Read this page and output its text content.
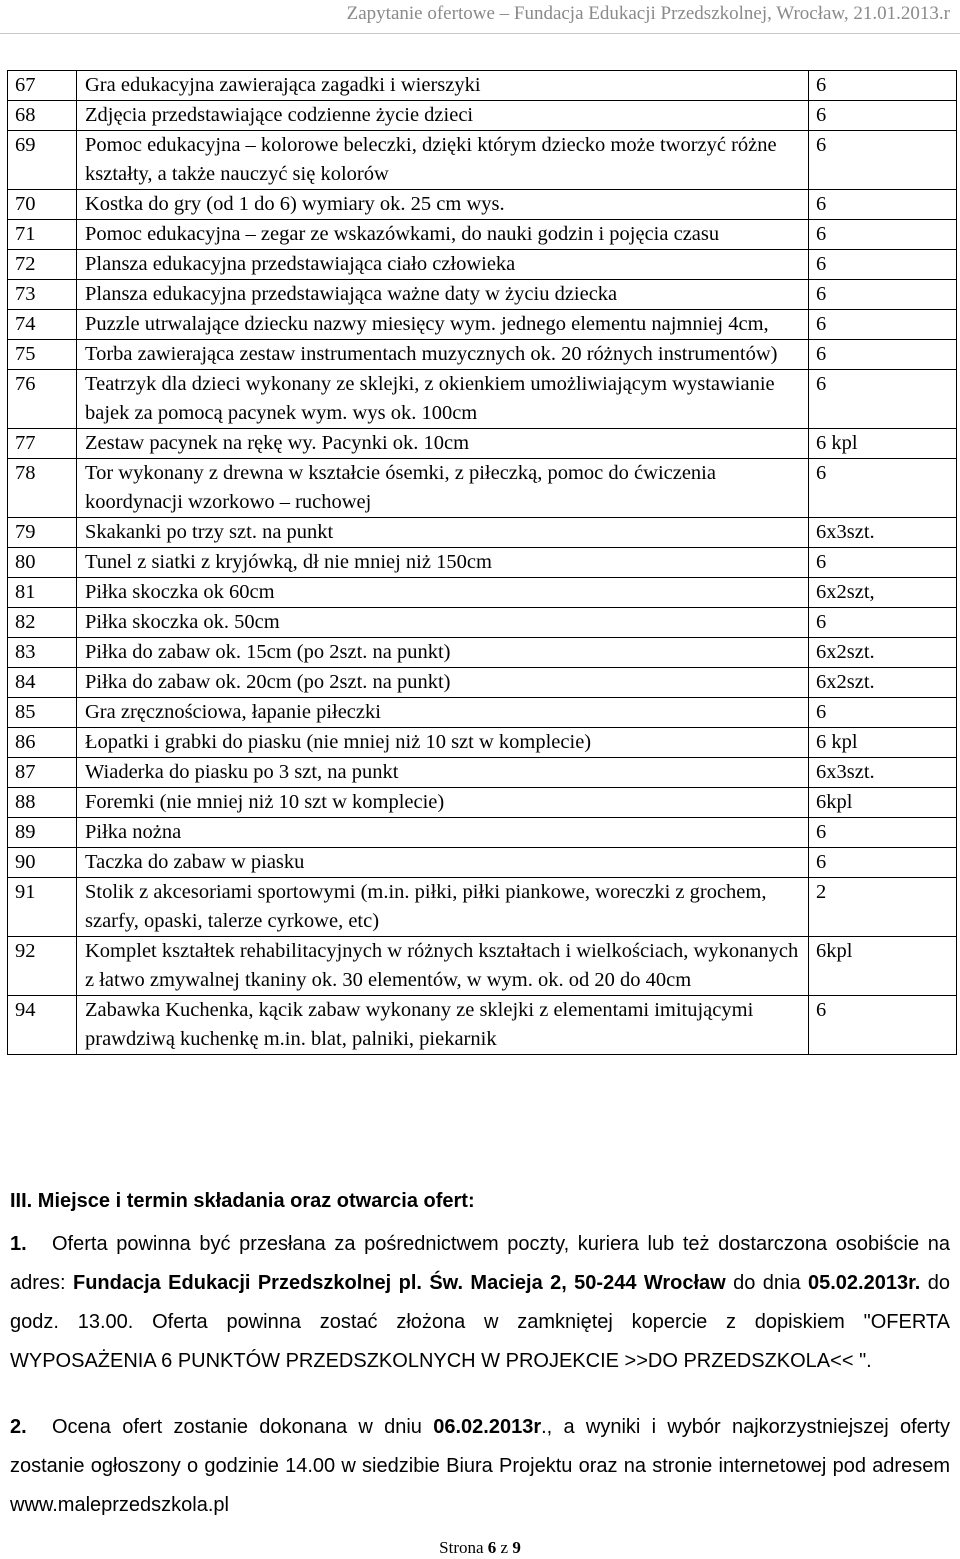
Zapytanie ofertowe – Fundacja Edukacji Przedszkolnej, Wrocław, 21.01.2013.r
67	Gra edukacyjna zawierająca zagadki i wierszyki	6
68	Zdjęcia przedstawiające codzienne życie dzieci	6
69	Pomoc edukacyjna – kolorowe beleczki, dzięki którym dziecko może tworzyć różne kształty, a także nauczyć się kolorów	6
70	Kostka do gry (od 1 do 6) wymiary ok. 25 cm wys.	6
71	Pomoc edukacyjna – zegar ze wskazówkami, do nauki godzin i pojęcia czasu	6
72	Plansza edukacyjna przedstawiająca ciało człowieka	6
73	Plansza edukacyjna przedstawiająca ważne daty w życiu dziecka	6
74	Puzzle utrwalające dziecku nazwy miesięcy wym. jednego elementu najmniej 4cm,	6
75	Torba zawierająca zestaw instrumentach muzycznych ok. 20 różnych instrumentów)	6
76	Teatrzyk dla dzieci wykonany ze sklejki, z okienkiem umożliwiającym wystawianie bajek za pomocą pacynek wym. wys ok. 100cm	6
77	Zestaw pacynek na rękę wy. Pacynki ok. 10cm	6 kpl
78	Tor wykonany z drewna w kształcie ósemki, z piłeczką, pomoc do ćwiczenia koordynacji wzorkowo – ruchowej	6
79	Skakanki po trzy szt. na punkt	6x3szt.
80	Tunel z siatki z kryjówką, dł nie mniej niż 150cm	6
81	Piłka skoczka ok 60cm	6x2szt,
82	Piłka skoczka ok. 50cm	6
83	Piłka do zabaw ok. 15cm (po 2szt. na punkt)	6x2szt.
84	Piłka do zabaw ok. 20cm (po 2szt. na punkt)	6x2szt.
85	Gra zręcznościowa, łapanie piłeczki	6
86	Łopatki i grabki do piasku (nie mniej niż 10 szt w komplecie)	6 kpl
87	Wiaderka do piasku po 3 szt, na punkt	6x3szt.
88	Foremki (nie mniej niż 10 szt w komplecie)	6kpl
89	Piłka nożna	6
90	Taczka do zabaw w piasku	6
91	Stolik z akcesoriami sportowymi (m.in. piłki, piłki piankowe, woreczki z grochem, szarfy, opaski, talerze cyrkowe, etc)	2
92	Komplet kształtek rehabilitacyjnych w różnych kształtach i wielkościach, wykonanych z łatwo zmywalnej tkaniny ok. 30 elementów, w wym. ok. od 20 do 40cm	6kpl
94	Zabawka Kuchenka, kącik zabaw wykonany ze sklejki z elementami imitującymi prawdziwą kuchenkę m.in. blat, palniki, piekarnik	6
III. Miejsce i termin składania oraz otwarcia ofert:
1. Oferta powinna być przesłana za pośrednictwem poczty, kuriera lub też dostarczona osobiście na adres: Fundacja Edukacji Przedszkolnej pl. Św. Macieja 2, 50-244 Wrocław do dnia 05.02.2013r. do godz. 13.00. Oferta powinna zostać złożona w zamkniętej kopercie z dopiskiem "OFERTA WYPOSAŻENIA 6 PUNKTÓW PRZEDSZKOLNYCH W PROJEKCIE >>DO PRZEDSZKOLA<< ".
2. Ocena ofert zostanie dokonana w dniu 06.02.2013r., a wyniki i wybór najkorzystniejszej oferty zostanie ogłoszony o godzinie 14.00 w siedzibie Biura Projektu oraz na stronie internetowej pod adresem www.maleprzedszkola.pl
Strona 6 z 9
